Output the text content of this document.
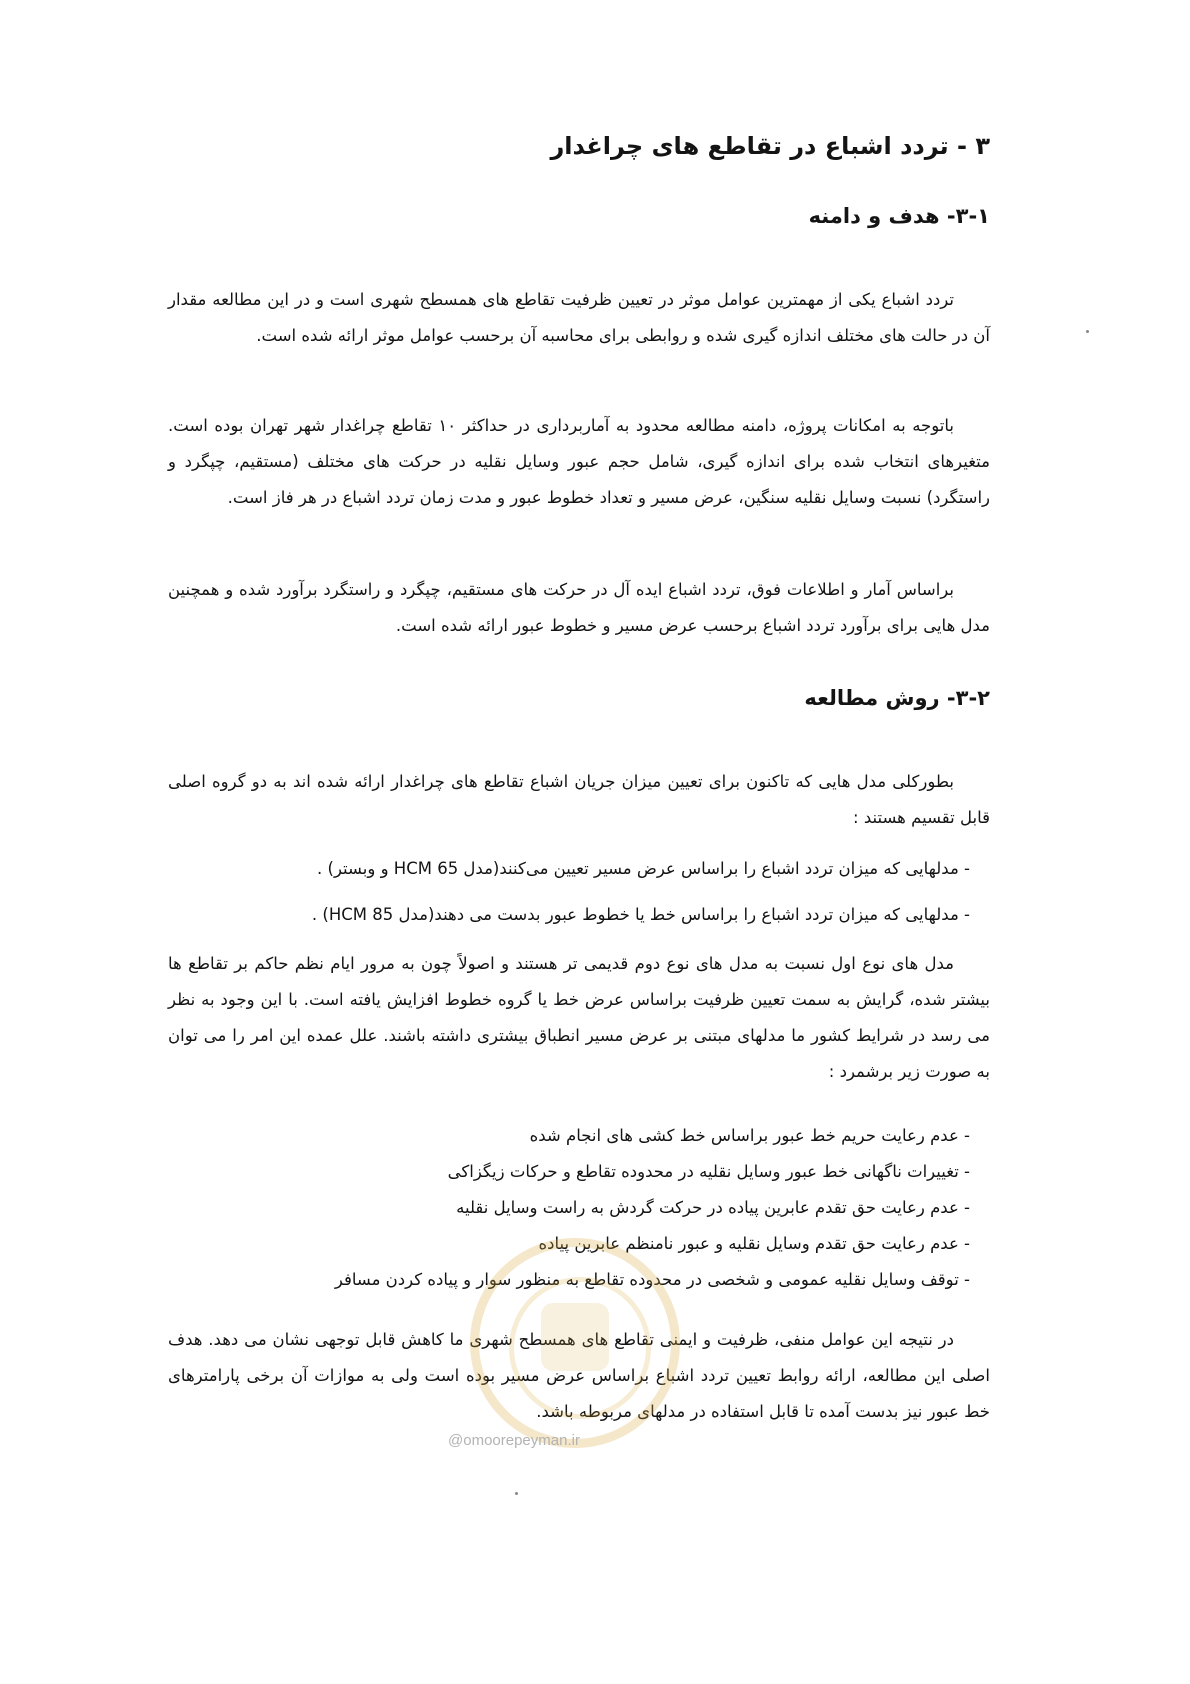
۳ - تردد اشباع در تقاطع های چراغدار
۳-۱- هدف و دامنه

تردد اشباع یکی از مهمترین عوامل موثر در تعیین ظرفیت تقاطع های همسطح شهری است و در این مطالعه مقدار آن در حالت های مختلف اندازه گیری شده و روابطی برای محاسبه آن برحسب عوامل موثر ارائه شده است.

باتوجه به امکانات پروژه، دامنه مطالعه محدود به آماربرداری در حداکثر ۱۰ تقاطع چراغدار شهر تهران بوده است. متغیرهای انتخاب شده برای اندازه گیری، شامل حجم عبور وسایل نقلیه در حرکت های مختلف (مستقیم، چپگرد و راستگرد) نسبت وسایل نقلیه سنگین، عرض مسیر و تعداد خطوط عبور و مدت زمان تردد اشباع در هر فاز است.

براساس آمار و اطلاعات فوق، تردد اشباع ایده آل در حرکت های مستقیم، چپگرد و راستگرد برآورد شده و همچنین مدل هایی برای برآورد تردد اشباع برحسب عرض مسیر و خطوط عبور ارائه شده است.

۳-۲- روش مطالعه

بطورکلی مدل هایی که تاکنون برای تعیین میزان جریان اشباع تقاطع های چراغدار ارائه شده اند به دو گروه اصلی قابل تقسیم هستند :

- مدلهایی که میزان تردد اشباع را براساس عرض مسیر تعیین می‌کنند(مدل HCM 65 و وبستر) .
- مدلهایی که میزان تردد اشباع را براساس خط یا خطوط عبور بدست می دهند(مدل HCM 85) .

مدل های نوع اول نسبت به مدل های نوع دوم قدیمی تر هستند و اصولاً چون به مرور ایام نظم حاکم بر تقاطع ها بیشتر شده، گرایش به سمت تعیین ظرفیت براساس عرض خط یا گروه خطوط افزایش یافته است. با این وجود به نظر می رسد در شرایط کشور ما مدلهای مبتنی بر عرض مسیر انطباق بیشتری داشته باشند. علل عمده این امر را می توان به صورت زیر برشمرد :

- عدم رعایت حریم خط عبور براساس خط کشی های انجام شده
- تغییرات ناگهانی خط عبور وسایل نقلیه در محدوده تقاطع و حرکات زیگزاکی
- عدم رعایت حق تقدم عابرین پیاده در حرکت گردش به راست وسایل نقلیه
- عدم رعایت حق تقدم وسایل نقلیه و عبور نامنظم عابرین پیاده
- توقف وسایل نقلیه عمومی و شخصی در محدوده تقاطع به منظور سوار و پیاده کردن مسافر

در نتیجه این عوامل منفی، ظرفیت و ایمنی تقاطع های همسطح شهری ما کاهش قابل توجهی نشان می دهد. هدف اصلی این مطالعه، ارائه روابط تعیین تردد اشباع براساس عرض مسیر بوده است ولی به موازات آن برخی پارامترهای خط عبور نیز بدست آمده تا قابل استفاده در مدلهای مربوطه باشد.

@omoorepeyman.ir
